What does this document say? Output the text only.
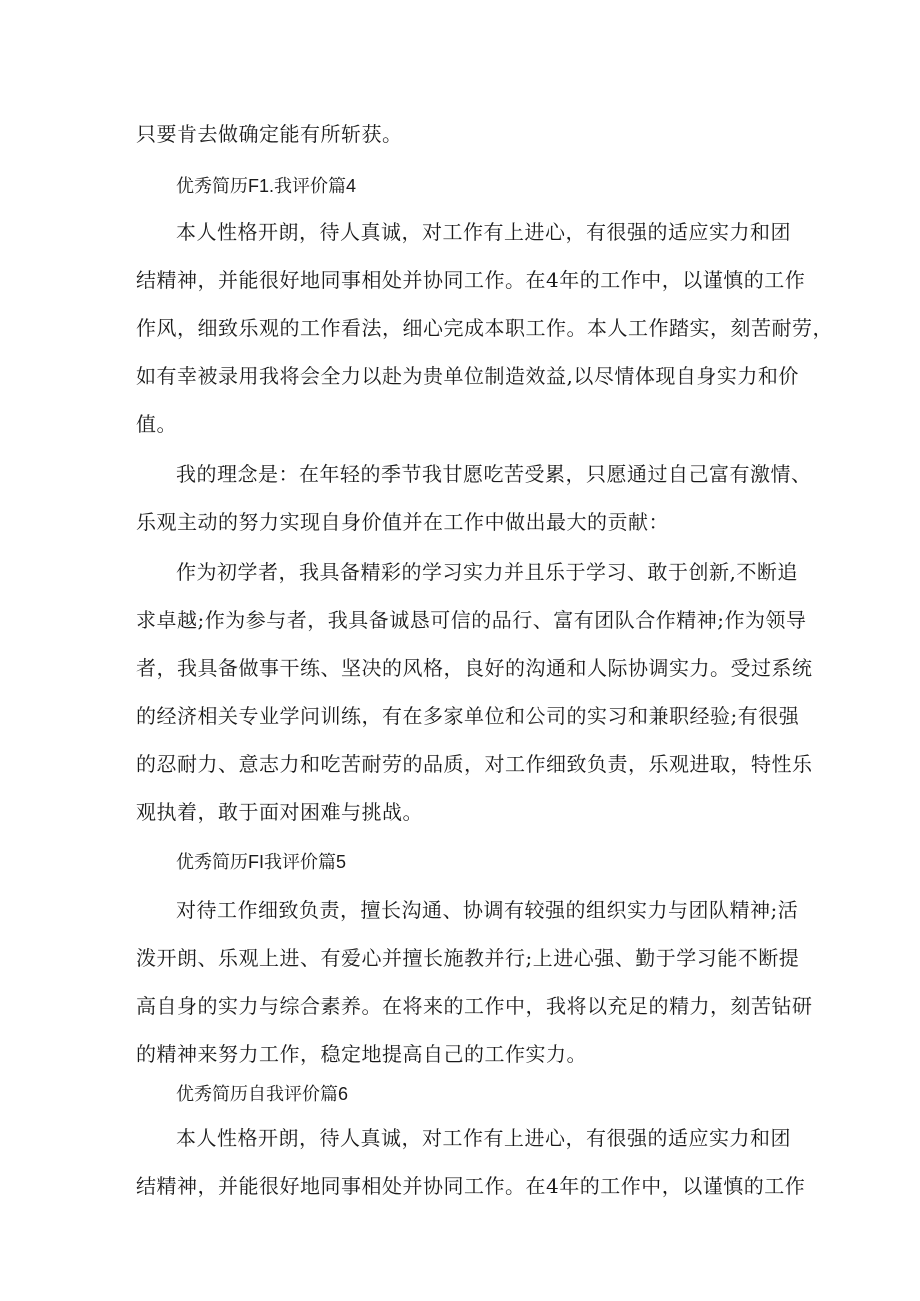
只要肯去做确定能有所斩获。
优秀简历F1.我评价篇4
本人性格开朗，待人真诚，对工作有上进心，有很强的适应实力和团
结精神，并能很好地同事相处并协同工作。在4年的工作中，以谨慎的工作
作风，细致乐观的工作看法，细心完成本职工作。本人工作踏实，刻苦耐劳，
如有幸被录用我将会全力以赴为贵单位制造效益,以尽情体现自身实力和价
值。
我的理念是：在年轻的季节我甘愿吃苦受累，只愿通过自己富有激情、
乐观主动的努力实现自身价值并在工作中做出最大的贡献：
作为初学者，我具备精彩的学习实力并且乐于学习、敢于创新,不断追
求卓越;作为参与者，我具备诚恳可信的品行、富有团队合作精神;作为领导
者，我具备做事干练、坚决的风格，良好的沟通和人际协调实力。受过系统
的经济相关专业学问训练，有在多家单位和公司的实习和兼职经验;有很强
的忍耐力、意志力和吃苦耐劳的品质，对工作细致负责，乐观进取，特性乐
观执着，敢于面对困难与挑战。
优秀简历FI我评价篇5
对待工作细致负责，擅长沟通、协调有较强的组织实力与团队精神;活
泼开朗、乐观上进、有爱心并擅长施教并行;上进心强、勤于学习能不断提
高自身的实力与综合素养。在将来的工作中，我将以充足的精力，刻苦钻研
的精神来努力工作，稳定地提高自己的工作实力。
优秀简历自我评价篇6
本人性格开朗，待人真诚，对工作有上进心，有很强的适应实力和团
结精神，并能很好地同事相处并协同工作。在4年的工作中，以谨慎的工作
